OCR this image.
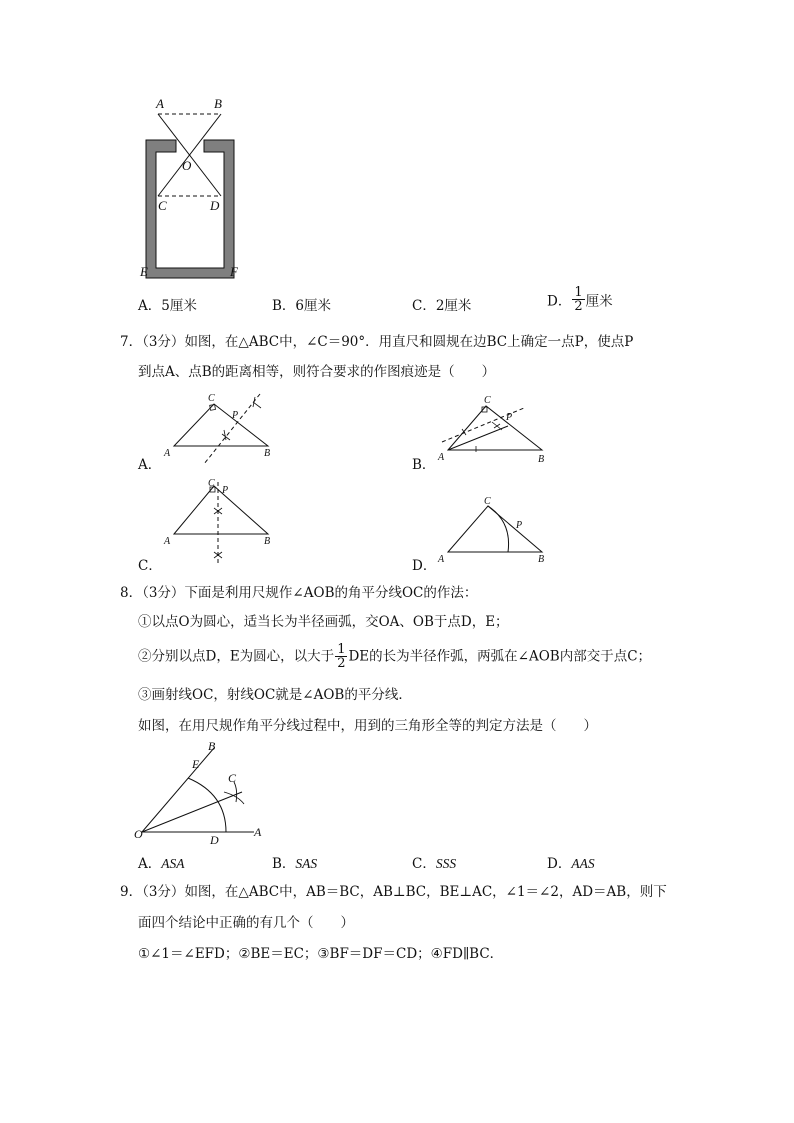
A	B
O
C	D
E	F
A．5厘米	B．6厘米	C．2厘米	D． $\frac{1}{2}$ 厘米
7．（3分）如图，在△ABC中，∠C＝90°．用直尺和圆规在边BC上确定一点P，使点P
到点A、点B的距离相等，则符合要求的作图痕迹是（　　）
C
P
A	B
A．
C
P
A	B
B．
C
P
A	B
C．
C
P
A	B
D．
8．（3分）下面是利用尺规作∠AOB的角平分线OC的作法：
①以点O为圆心，适当长为半径画弧，交OA、OB于点D，E；
②分别以点D，E为圆心，以大于 $\frac{1}{2}$ DE的长为半径作弧，两弧在∠AOB内部交于点C；
③画射线OC，射线OC就是∠AOB的平分线．
如图，在用尺规作角平分线过程中，用到的三角形全等的判定方法是（　　）
B
E
C
O	D
A
A．ASA	B．SAS	C．SSS	D．AAS
9．（3分）如图，在△ABC中，AB＝BC，AB⊥BC，BE⊥AC，∠1＝∠2，AD＝AB，则下
面四个结论中正确的有几个（　　）
①∠1＝∠EFD；②BE＝EC；③BF＝DF＝CD；④FD∥BC．
